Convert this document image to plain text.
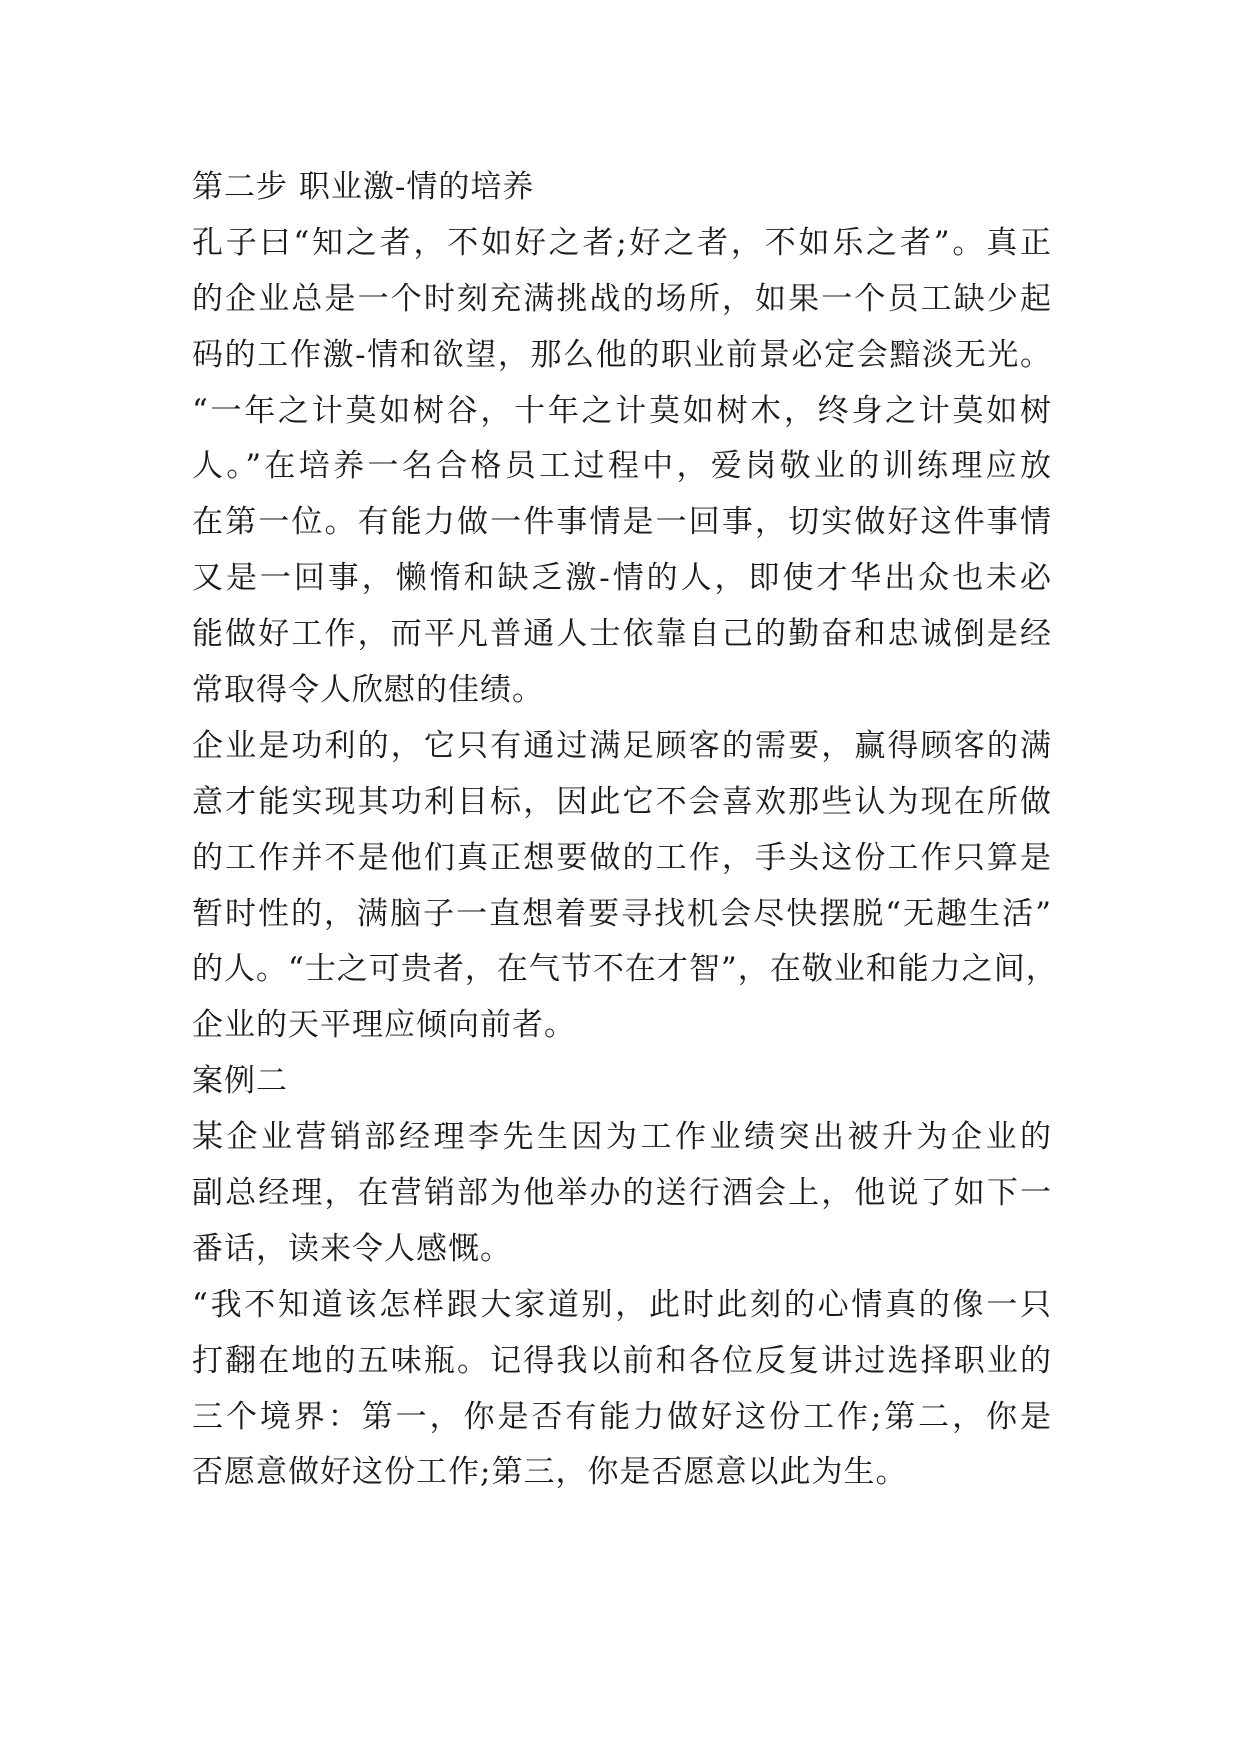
第二步 职业激-情的培养
孔子曰“知之者，不如好之者;好之者，不如乐之者”。真正
的企业总是一个时刻充满挑战的场所，如果一个员工缺少起
码的工作激-情和欲望，那么他的职业前景必定会黯淡无光。
“一年之计莫如树谷，十年之计莫如树木，终身之计莫如树
人。”在培养一名合格员工过程中，爱岗敬业的训练理应放
在第一位。有能力做一件事情是一回事，切实做好这件事情
又是一回事，懒惰和缺乏激-情的人，即使才华出众也未必
能做好工作，而平凡普通人士依靠自己的勤奋和忠诚倒是经
常取得令人欣慰的佳绩。
企业是功利的，它只有通过满足顾客的需要，赢得顾客的满
意才能实现其功利目标，因此它不会喜欢那些认为现在所做
的工作并不是他们真正想要做的工作，手头这份工作只算是
暂时性的，满脑子一直想着要寻找机会尽快摆脱“无趣生活”
的人。“士之可贵者，在气节不在才智”，在敬业和能力之间，
企业的天平理应倾向前者。
案例二
某企业营销部经理李先生因为工作业绩突出被升为企业的
副总经理，在营销部为他举办的送行酒会上，他说了如下一
番话，读来令人感慨。
“我不知道该怎样跟大家道别，此时此刻的心情真的像一只
打翻在地的五味瓶。记得我以前和各位反复讲过选择职业的
三个境界：第一，你是否有能力做好这份工作;第二，你是
否愿意做好这份工作;第三，你是否愿意以此为生。
